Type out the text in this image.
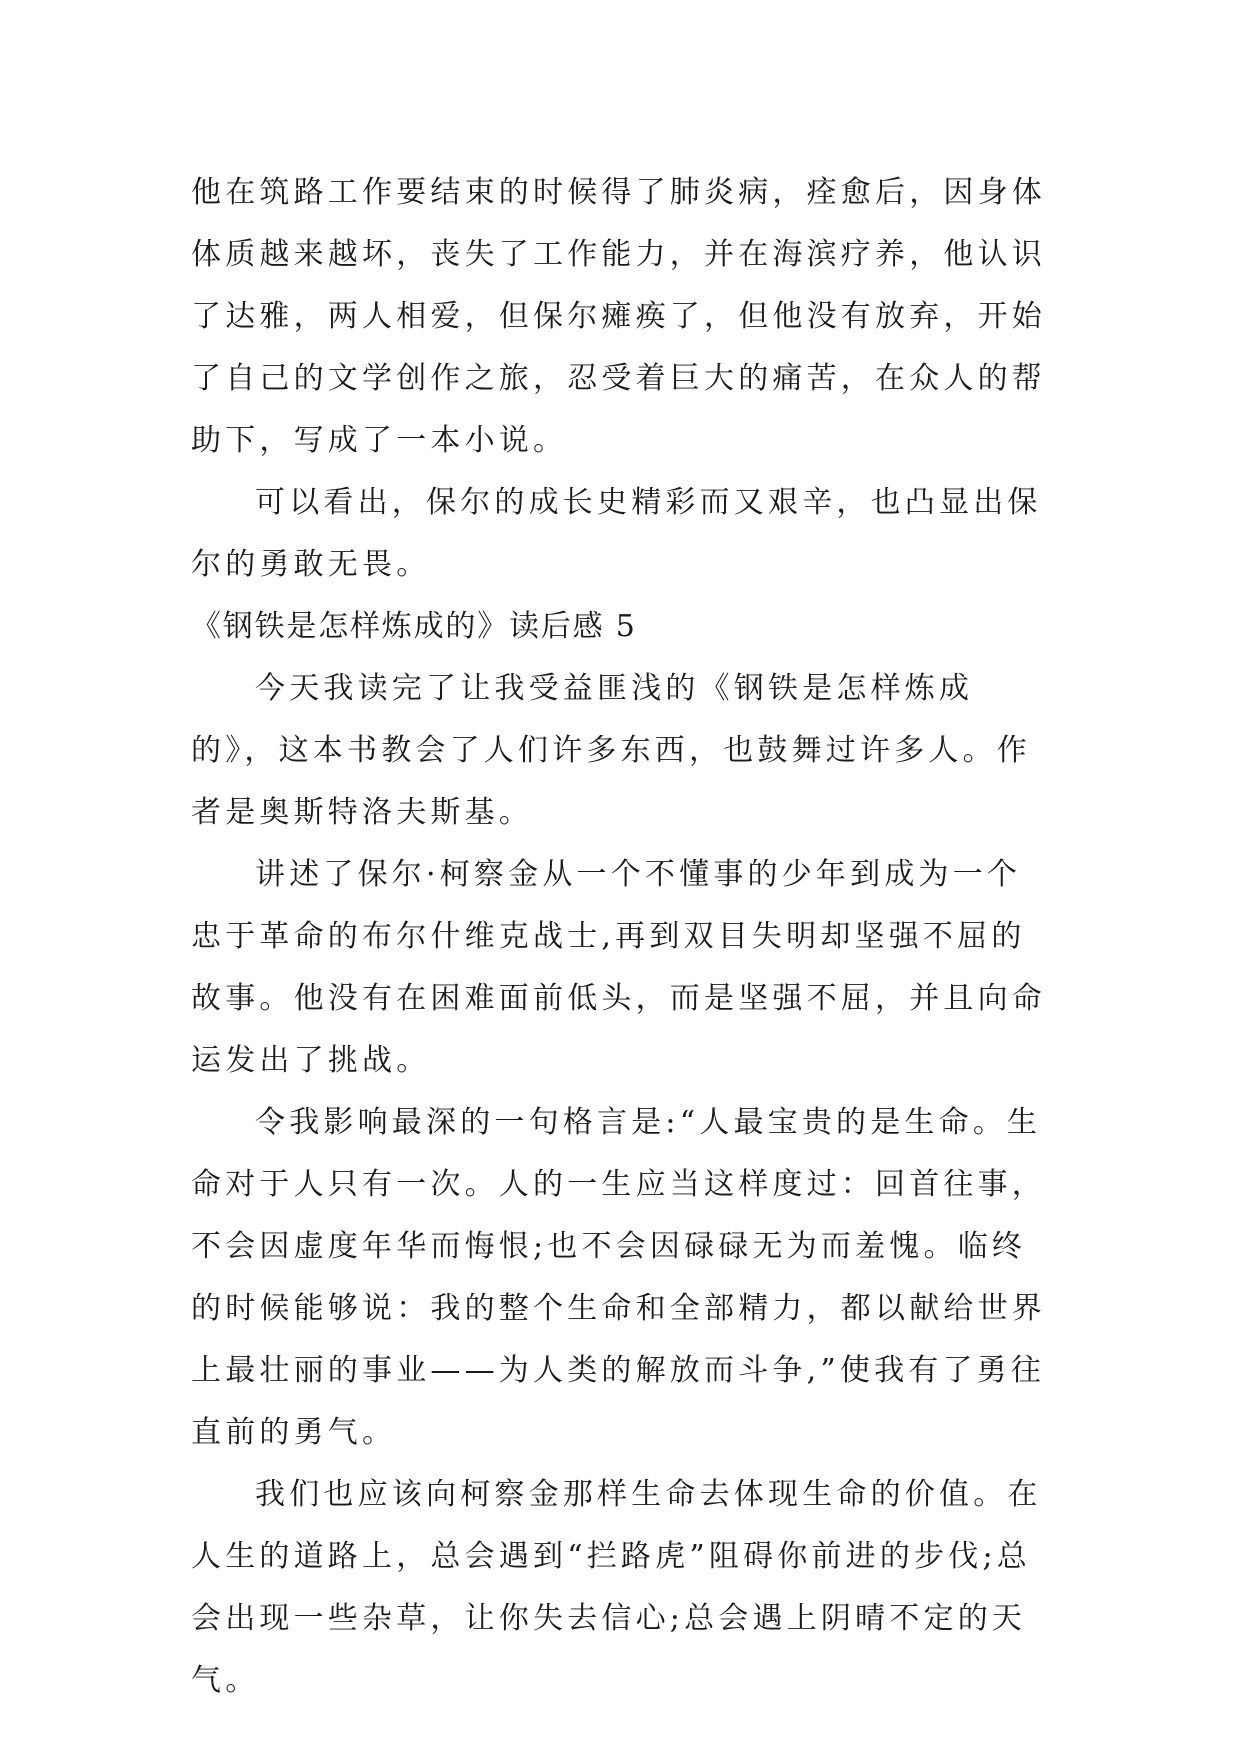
他在筑路工作要结束的时候得了肺炎病，痊愈后，因身体体质越来越坏，丧失了工作能力，并在海滨疗养，他认识了达雅，两人相爱，但保尔瘫痪了，但他没有放弃，开始了自己的文学创作之旅，忍受着巨大的痛苦，在众人的帮助下，写成了一本小说。

可以看出，保尔的成长史精彩而又艰辛，也凸显出保尔的勇敢无畏。

《钢铁是怎样炼成的》读后感 5

今天我读完了让我受益匪浅的《钢铁是怎样炼成的》，这本书教会了人们许多东西，也鼓舞过许多人。作者是奥斯特洛夫斯基。

讲述了保尔·柯察金从一个不懂事的少年到成为一个忠于革命的布尔什维克战士,再到双目失明却坚强不屈的故事。他没有在困难面前低头，而是坚强不屈，并且向命运发出了挑战。

令我影响最深的一句格言是:“人最宝贵的是生命。生命对于人只有一次。人的一生应当这样度过：回首往事，不会因虚度年华而悔恨;也不会因碌碌无为而羞愧。临终的时候能够说：我的整个生命和全部精力，都以献给世界上最壮丽的事业——为人类的解放而斗争,”使我有了勇往直前的勇气。

我们也应该向柯察金那样生命去体现生命的价值。在人生的道路上，总会遇到“拦路虎”阻碍你前进的步伐;总会出现一些杂草，让你失去信心;总会遇上阴晴不定的天气。
